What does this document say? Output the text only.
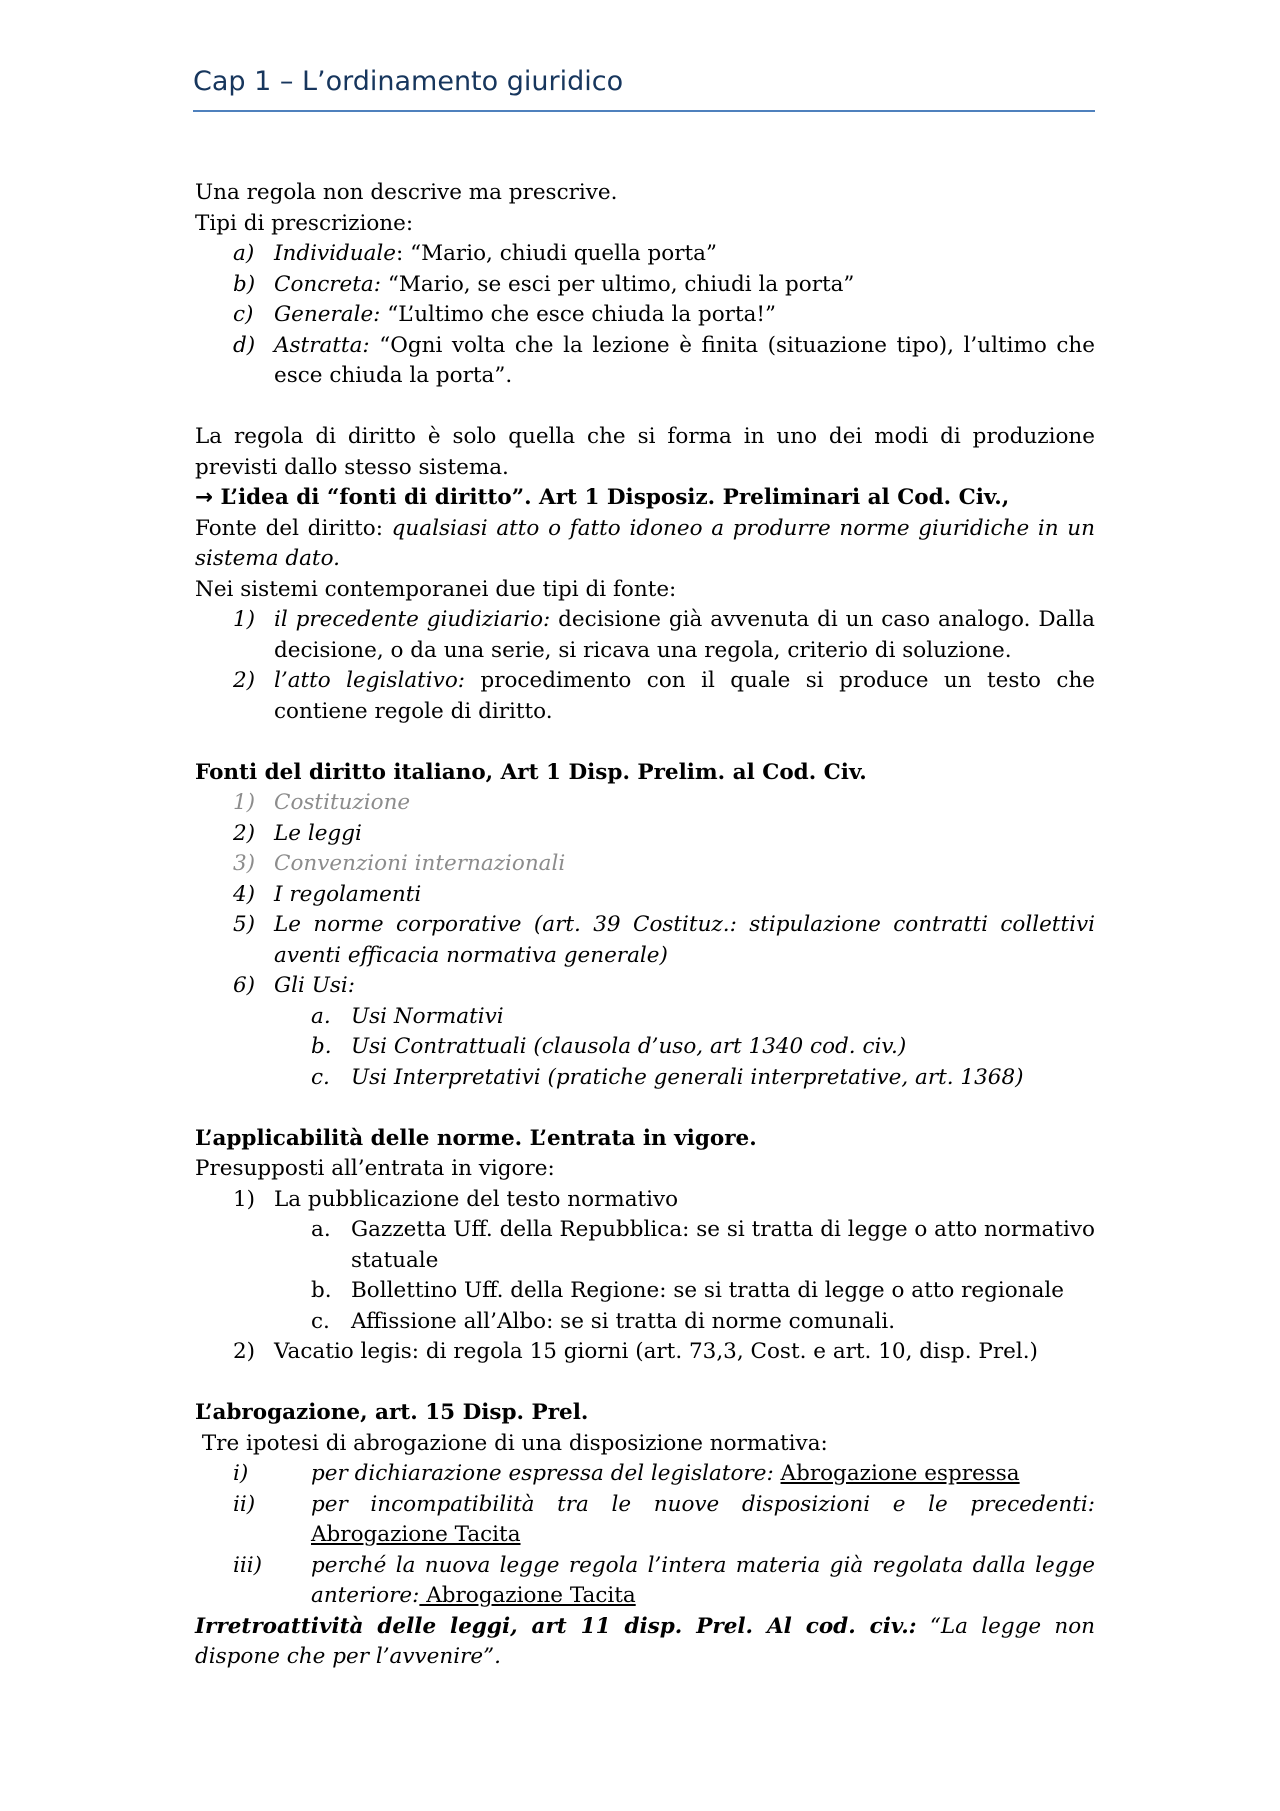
Cap 1 – L’ordinamento giuridico

Una regola non descrive ma prescrive.

Tipi di prescrizione:

a) Individuale: “Mario, chiudi quella porta”
b) Concreta: “Mario, se esci per ultimo, chiudi la porta”
c) Generale: “L’ultimo che esce chiuda la porta!”
d) Astratta: “Ogni volta che la lezione è finita (situazione tipo), l’ultimo che esce chiuda la porta”.

La regola di diritto è solo quella che si forma in uno dei modi di produzione previsti dallo stesso sistema.

→ L’idea di “fonti di diritto”. Art 1 Disposiz. Preliminari al Cod. Civ.,

Fonte del diritto: qualsiasi atto o fatto idoneo a produrre norme giuridiche in un sistema dato.

Nei sistemi contemporanei due tipi di fonte:

1) il precedente giudiziario: decisione già avvenuta di un caso analogo. Dalla decisione, o da una serie, si ricava una regola, criterio di soluzione.
2) l’atto legislativo: procedimento con il quale si produce un testo che contiene regole di diritto.

Fonti del diritto italiano, Art 1 Disp. Prelim. al Cod. Civ.

1) Costituzione
2) Le leggi
3) Convenzioni internazionali
4) I regolamenti
5) Le norme corporative (art. 39 Costituz.: stipulazione contratti collettivi aventi efficacia normativa generale)
6) Gli Usi:
a. Usi Normativi
b. Usi Contrattuali (clausola d’uso, art 1340 cod. civ.)
c. Usi Interpretativi (pratiche generali interpretative, art. 1368)

L’applicabilità delle norme. L’entrata in vigore.

Presupposti all’entrata in vigore:

1) La pubblicazione del testo normativo
a. Gazzetta Uff. della Repubblica: se si tratta di legge o atto normativo statuale
b. Bollettino Uff. della Regione: se si tratta di legge o atto regionale
c. Affissione all’Albo: se si tratta di norme comunali.
2) Vacatio legis: di regola 15 giorni (art. 73,3, Cost. e art. 10, disp. Prel.)

L’abrogazione, art. 15 Disp. Prel.

Tre ipotesi di abrogazione di una disposizione normativa:

i)	per dichiarazione espressa del legislatore: Abrogazione espressa
ii)	per incompatibilità tra le nuove disposizioni e le precedenti: Abrogazione Tacita
iii)	perché la nuova legge regola l’intera materia già regolata dalla legge anteriore: Abrogazione Tacita

Irretroattività delle leggi, art 11 disp. Prel. Al cod. civ.: “La legge non dispone che per l’avvenire”.
